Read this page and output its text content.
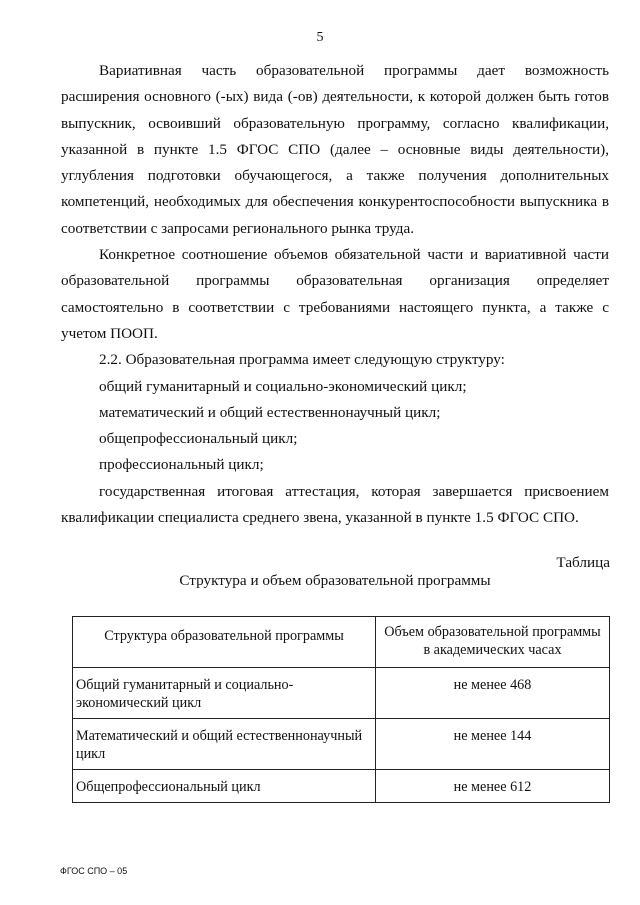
5

Вариативная часть образовательной программы дает возможность расширения основного (-ых) вида (-ов) деятельности, к которой должен быть готов выпускник, освоивший образовательную программу, согласно квалификации, указанной в пункте 1.5 ФГОС СПО (далее – основные виды деятельности), углубления подготовки обучающегося, а также получения дополнительных компетенций, необходимых для обеспечения конкурентоспособности выпускника в соответствии с запросами регионального рынка труда.

Конкретное соотношение объемов обязательной части и вариативной части образовательной программы образовательная организация определяет самостоятельно в соответствии с требованиями настоящего пункта, а также с учетом ПООП.

2.2. Образовательная программа имеет следующую структуру:

общий гуманитарный и социально-экономический цикл;

математический и общий естественнонаучный цикл;

общепрофессиональный цикл;

профессиональный цикл;

государственная итоговая аттестация, которая завершается присвоением квалификации специалиста среднего звена, указанной в пункте 1.5 ФГОС СПО.

Таблица
Структура и объем образовательной программы
Структура образовательной программы	Объем образовательной программы в академических часах
Общий гуманитарный и социально-экономический цикл	не менее 468
Математический и общий естественнонаучный цикл	не менее 144
Общепрофессиональный цикл	не менее 612
ФГОС СПО – 05
